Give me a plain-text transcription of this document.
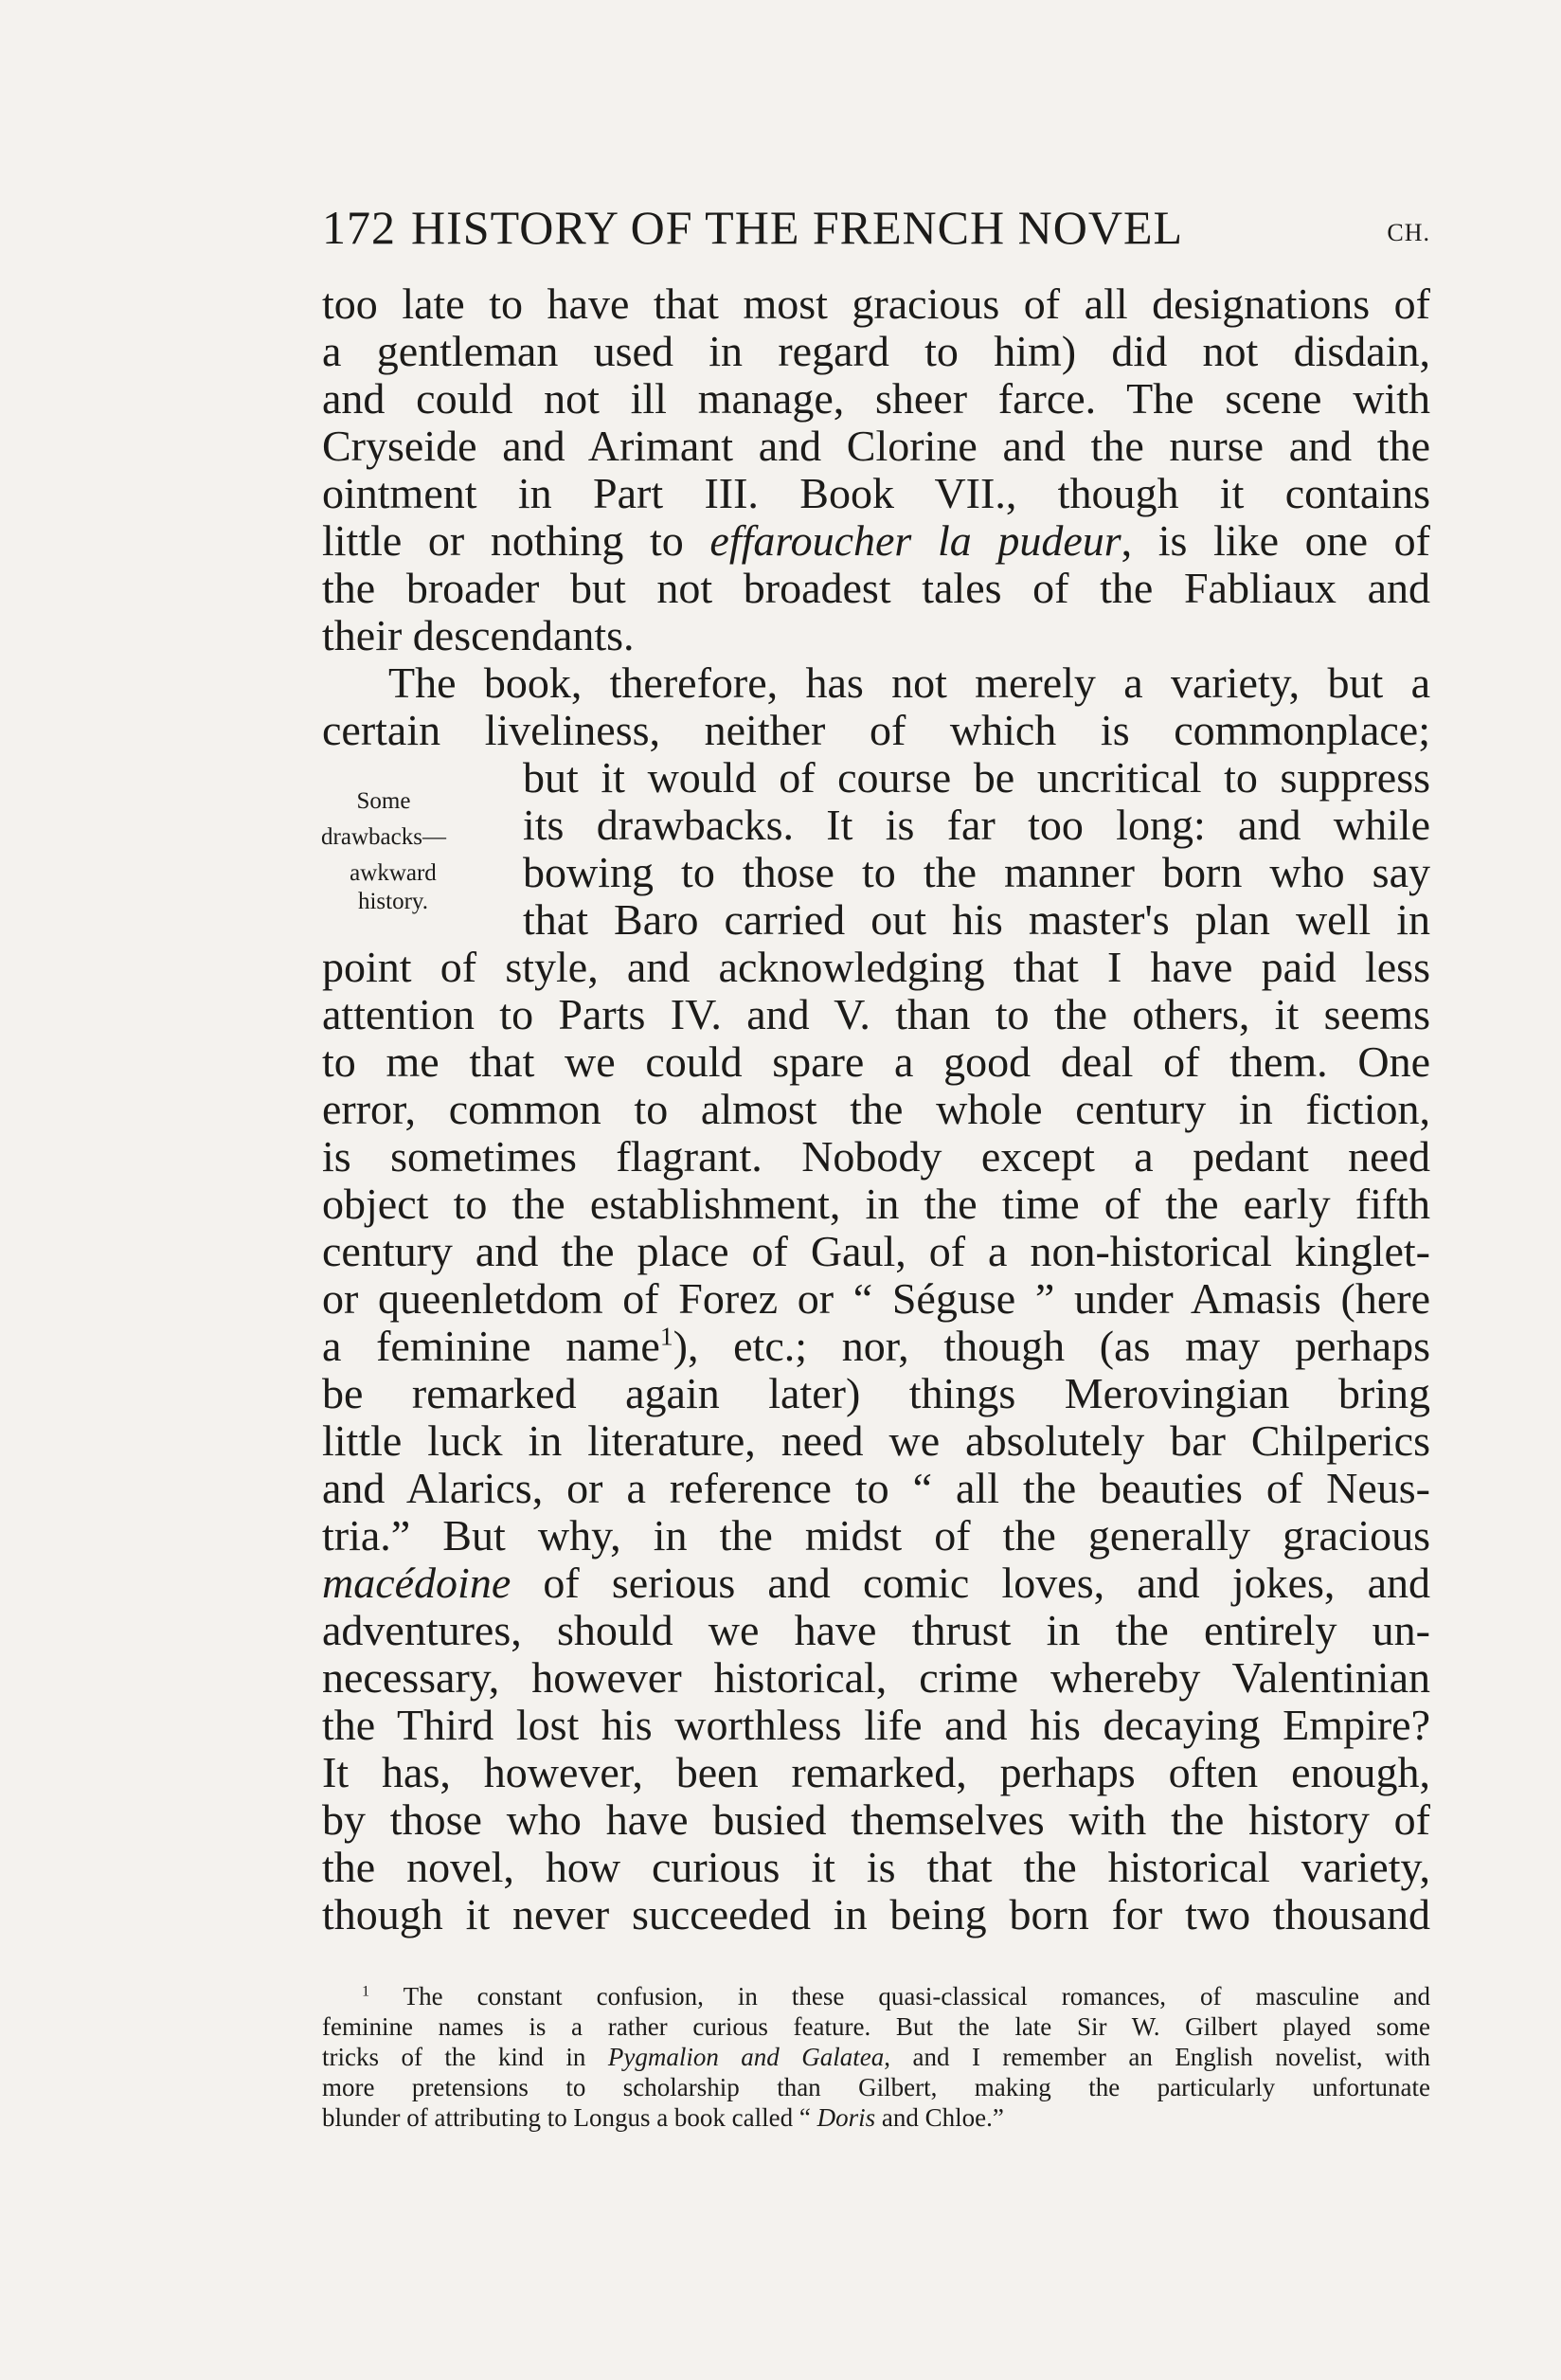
172 HISTORY OF THE FRENCH NOVEL	CH.
too late to have that most gracious of all designations of
a gentleman used in regard to him) did not disdain,
and could not ill manage, sheer farce. The scene with
Cryseide and Arimant and Clorine and the nurse and the
ointment in Part III. Book VII., though it contains
little or nothing to effaroucher la pudeur, is like one of
the broader but not broadest tales of the Fabliaux and
their descendants.
The book, therefore, has not merely a variety, but a
certain liveliness, neither of which is commonplace;
but it would of course be uncritical to suppress
its drawbacks. It is far too long: and while
bowing to those to the manner born who say
that Baro carried out his master's plan well in
point of style, and acknowledging that I have paid less
attention to Parts IV. and V. than to the others, it seems
to me that we could spare a good deal of them. One
error, common to almost the whole century in fiction,
is sometimes flagrant. Nobody except a pedant need
object to the establishment, in the time of the early fifth
century and the place of Gaul, of a non-historical kinglet-
or queenletdom of Forez or “ Séguse ” under Amasis (here
a feminine name$^1$), etc.; nor, though (as may perhaps
be remarked again later) things Merovingian bring
little luck in literature, need we absolutely bar Chilperics
and Alarics, or a reference to “ all the beauties of Neus-
tria.” But why, in the midst of the generally gracious
macédoine of serious and comic loves, and jokes, and
adventures, should we have thrust in the entirely un-
necessary, however historical, crime whereby Valentinian
the Third lost his worthless life and his decaying Empire?
It has, however, been remarked, perhaps often enough,
by those who have busied themselves with the history of
the novel, how curious it is that the historical variety,
though it never succeeded in being born for two thousand
Some
drawbacks—
awkward
history.
$^1$ The constant confusion, in these quasi-classical romances, of masculine and
feminine names is a rather curious feature. But the late Sir W. Gilbert played some
tricks of the kind in Pygmalion and Galatea, and I remember an English novelist, with
more pretensions to scholarship than Gilbert, making the particularly unfortunate
blunder of attributing to Longus a book called “ Doris and Chloe.”
